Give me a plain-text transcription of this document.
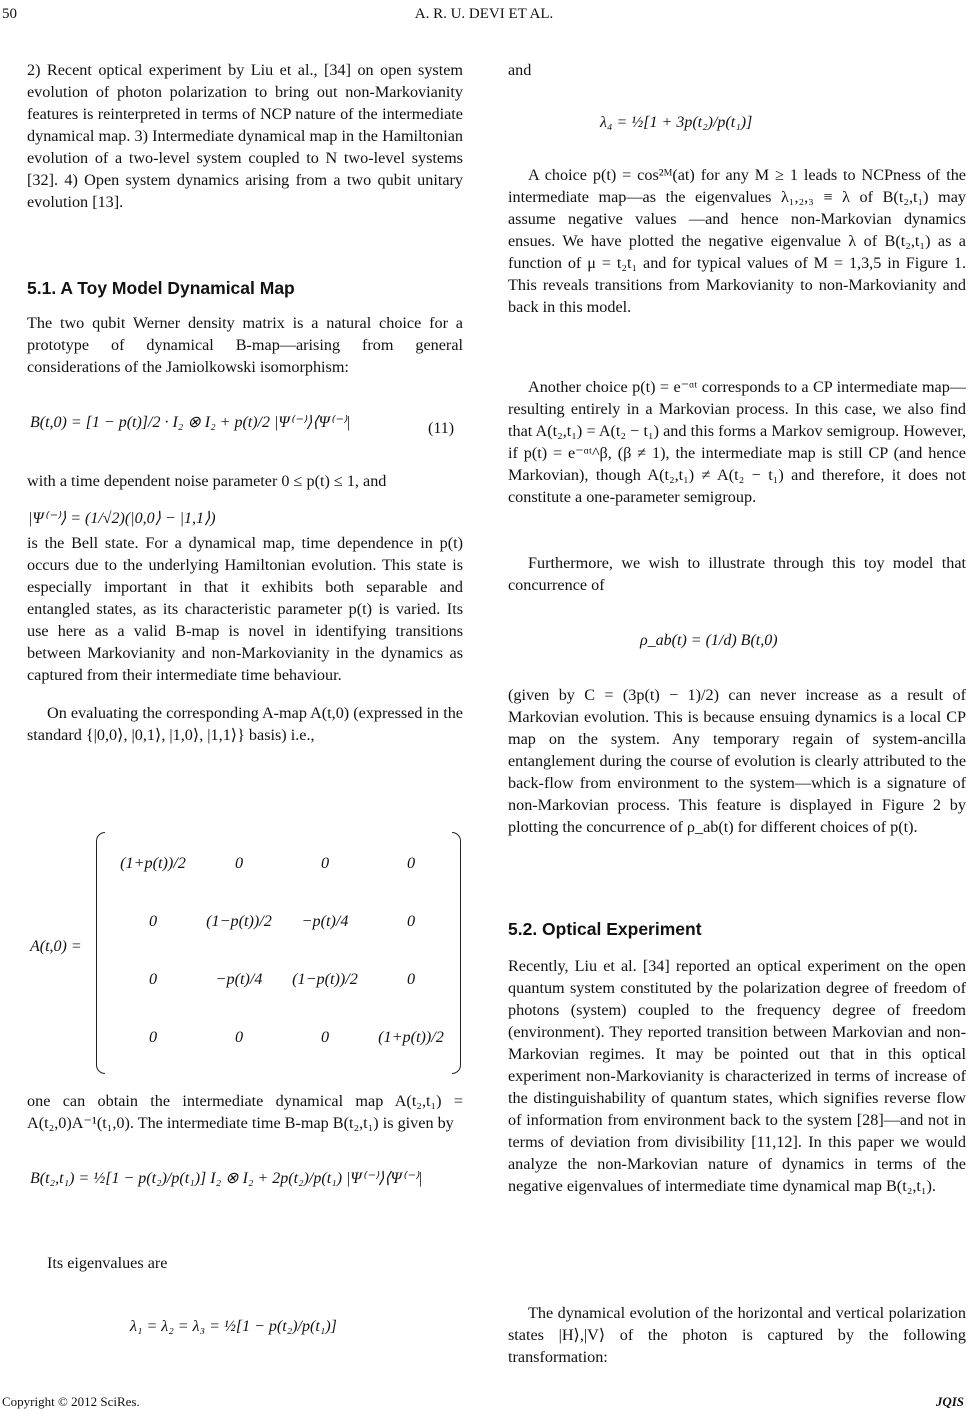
50	A. R. U. DEVI ET AL.
2) Recent optical experiment by Liu et al., [34] on open system evolution of photon polarization to bring out non-Markovianity features is reinterpreted in terms of NCP nature of the intermediate dynamical map. 3) Intermediate dynamical map in the Hamiltonian evolution of a two-level system coupled to N two-level systems [32]. 4) Open system dynamics arising from a two qubit unitary evolution [13].
5.1. A Toy Model Dynamical Map
The two qubit Werner density matrix is a natural choice for a prototype of dynamical B-map—arising from general considerations of the Jamiolkowski isomorphism:
B(t,0) = [1 − p(t)]/2 · I₂ ⊗ I₂ + p(t)/2 |Ψ⁽⁻⁾⟩⟨Ψ⁽⁻⁾|	(11)
with a time dependent noise parameter 0 ≤ p(t) ≤ 1, and
|Ψ⁽⁻⁾⟩ = (1/√2)(|0,0⟩ − |1,1⟩)
is the Bell state. For a dynamical map, time dependence in p(t) occurs due to the underlying Hamiltonian evolution. This state is especially important in that it exhibits both separable and entangled states, as its characteristic parameter p(t) is varied. Its use here as a valid B-map is novel in identifying transitions between Markovianity and non-Markovianity in the dynamics as captured from their intermediate time behaviour.
On evaluating the corresponding A-map A(t,0) (expressed in the standard {|0,0⟩, |0,1⟩, |1,0⟩, |1,1⟩} basis) i.e.,
A(t,0) =
(1+p(t))/2	0	0	0
0	(1−p(t))/2	−p(t)/4	0
0	−p(t)/4	(1−p(t))/2	0
0	0	0	(1+p(t))/2
one can obtain the intermediate dynamical map A(t₂,t₁) = A(t₂,0)A⁻¹(t₁,0). The intermediate time B-map B(t₂,t₁) is given by
B(t₂,t₁) = ½[1 − p(t₂)/p(t₁)] I₂ ⊗ I₂ + 2p(t₂)/p(t₁) |Ψ⁽⁻⁾⟩⟨Ψ⁽⁻⁾|
Its eigenvalues are
λ₁ = λ₂ = λ₃ = ½[1 − p(t₂)/p(t₁)]
and
λ₄ = ½[1 + 3p(t₂)/p(t₁)]
A choice p(t) = cos²ᴹ(at) for any M ≥ 1 leads to NCPness of the intermediate map—as the eigenvalues λ₁,₂,₃ ≡ λ of B(t₂,t₁) may assume negative values —and hence non-Markovian dynamics ensues. We have plotted the negative eigenvalue λ of B(t₂,t₁) as a function of μ = t₂t₁ and for typical values of M = 1,3,5 in Figure 1. This reveals transitions from Markovianity to non-Markovianity and back in this model.
Another choice p(t) = e⁻ᵅᵗ corresponds to a CP intermediate map—resulting entirely in a Markovian process. In this case, we also find that A(t₂,t₁) = A(t₂ − t₁) and this forms a Markov semigroup. However, if p(t) = e⁻ᵅᵗ^β, (β ≠ 1), the intermediate map is still CP (and hence Markovian), though A(t₂,t₁) ≠ A(t₂ − t₁) and therefore, it does not constitute a one-parameter semigroup.
Furthermore, we wish to illustrate through this toy model that concurrence of
ρ_ab(t) = (1/d) B(t,0)
(given by C = (3p(t) − 1)/2) can never increase as a result of Markovian evolution. This is because ensuing dynamics is a local CP map on the system. Any temporary regain of system-ancilla entanglement during the course of evolution is clearly attributed to the back-flow from environment to the system—which is a signature of non-Markovian process. This feature is displayed in Figure 2 by plotting the concurrence of ρ_ab(t) for different choices of p(t).
5.2. Optical Experiment
Recently, Liu et al. [34] reported an optical experiment on the open quantum system constituted by the polarization degree of freedom of photons (system) coupled to the frequency degree of freedom (environment). They reported transition between Markovian and non-Markovian regimes. It may be pointed out that in this optical experiment non-Markovianity is characterized in terms of increase of the distinguishability of quantum states, which signifies reverse flow of information from environment back to the system [28]—and not in terms of deviation from divisibility [11,12]. In this paper we would analyze the non-Markovian nature of dynamics in terms of the negative eigenvalues of intermediate time dynamical map B(t₂,t₁).
The dynamical evolution of the horizontal and vertical polarization states |H⟩,|V⟩ of the photon is captured by the following transformation:
Copyright © 2012 SciRes.	JQIS
